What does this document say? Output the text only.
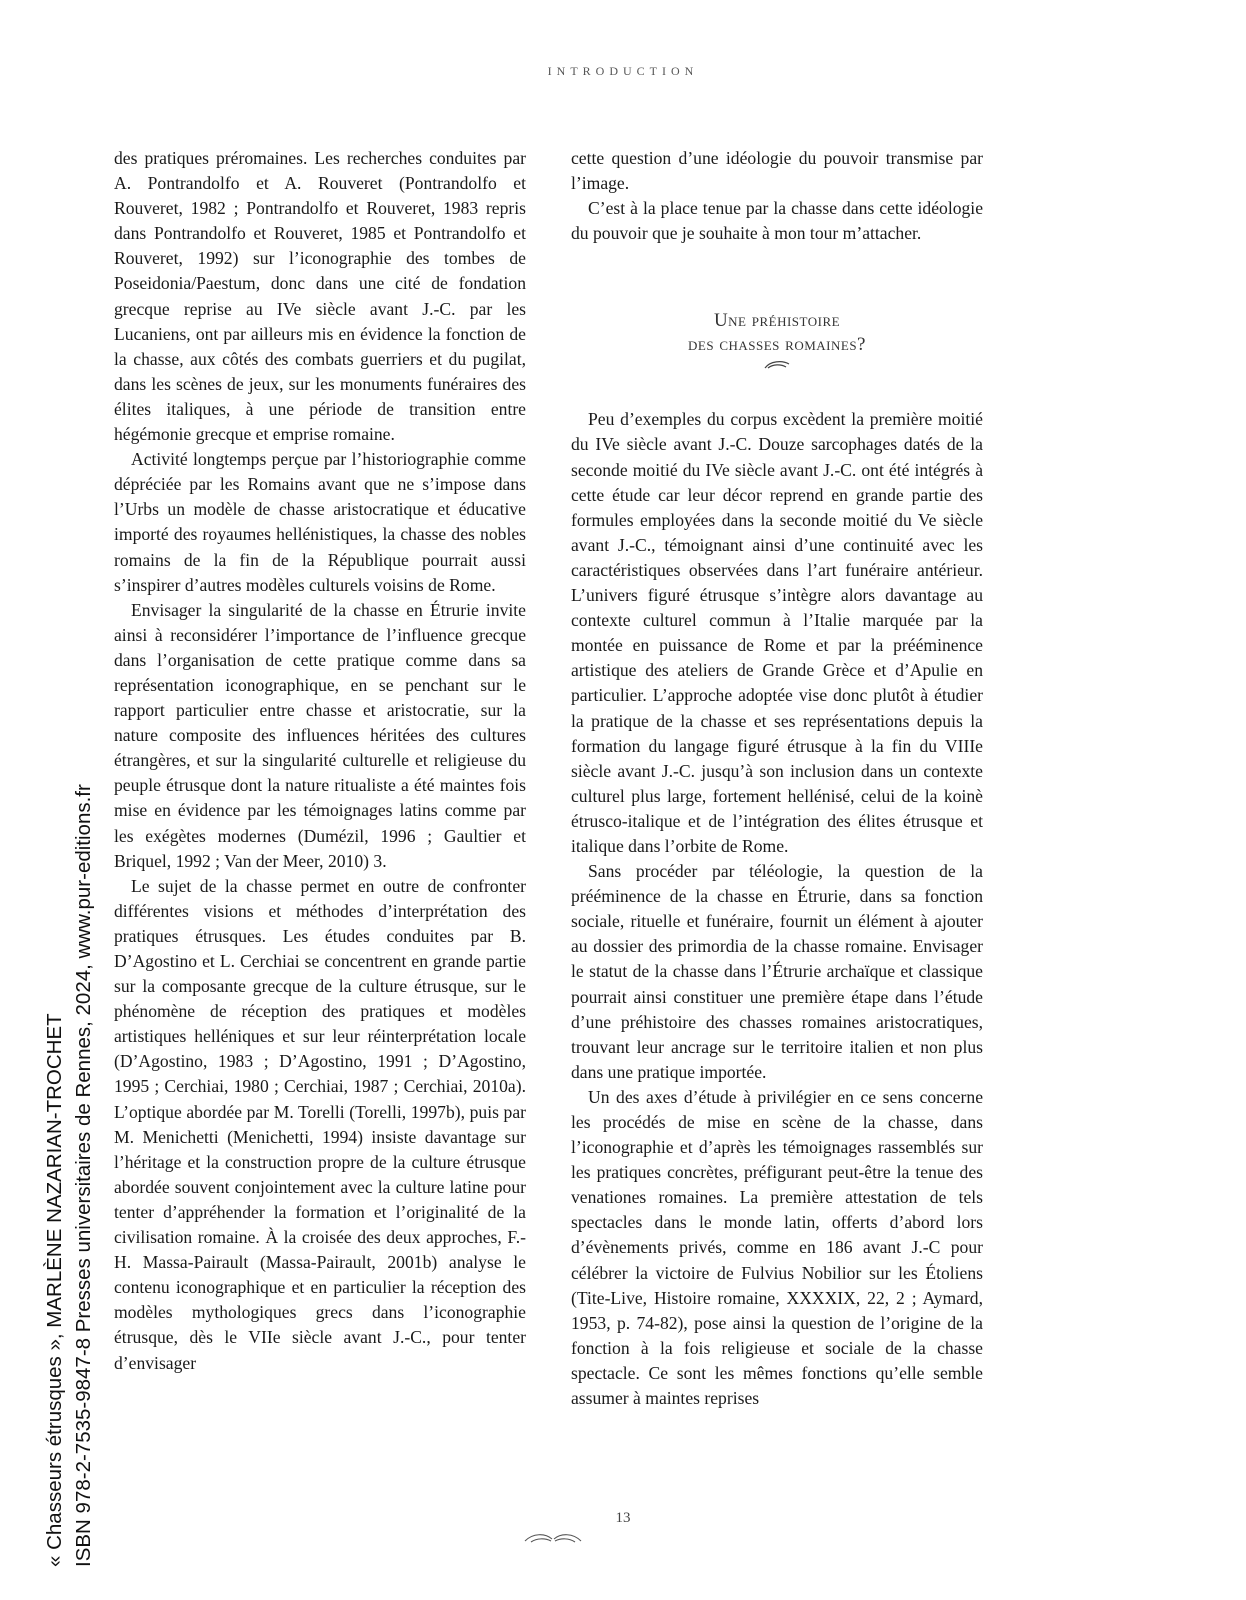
INTRODUCTION

des pratiques préromaines. Les recherches conduites par A. Pontrandolfo et A. Rouveret (Pontrandolfo et Rouveret, 1982 ; Pontrandolfo et Rouveret, 1983 repris dans Pontrandolfo et Rouveret, 1985 et Pontrandolfo et Rouveret, 1992) sur l’iconographie des tombes de Poseidonia/Paestum, donc dans une cité de fondation grecque reprise au IVe siècle avant J.-C. par les Lucaniens, ont par ailleurs mis en évidence la fonction de la chasse, aux côtés des combats guerriers et du pugilat, dans les scènes de jeux, sur les monuments funéraires des élites italiques, à une période de transition entre hégémonie grecque et emprise romaine.

Activité longtemps perçue par l’historiographie comme dépréciée par les Romains avant que ne s’impose dans l’Urbs un modèle de chasse aristocratique et éducative importé des royaumes hellénistiques, la chasse des nobles romains de la fin de la République pourrait aussi s’inspirer d’autres modèles culturels voisins de Rome.

Envisager la singularité de la chasse en Étrurie invite ainsi à reconsidérer l’importance de l’influence grecque dans l’organisation de cette pratique comme dans sa représentation iconographique, en se penchant sur le rapport particulier entre chasse et aristocratie, sur la nature composite des influences héritées des cultures étrangères, et sur la singularité culturelle et religieuse du peuple étrusque dont la nature ritualiste a été maintes fois mise en évidence par les témoignages latins comme par les exégètes modernes (Dumézil, 1996 ; Gaultier et Briquel, 1992 ; Van der Meer, 2010) 3.

Le sujet de la chasse permet en outre de confronter différentes visions et méthodes d’interprétation des pratiques étrusques. Les études conduites par B. D’Agostino et L. Cerchiai se concentrent en grande partie sur la composante grecque de la culture étrusque, sur le phénomène de réception des pratiques et modèles artistiques helléniques et sur leur réinterprétation locale (D’Agostino, 1983 ; D’Agostino, 1991 ; D’Agostino, 1995 ; Cerchiai, 1980 ; Cerchiai, 1987 ; Cerchiai, 2010a). L’optique abordée par M. Torelli (Torelli, 1997b), puis par M. Menichetti (Menichetti, 1994) insiste davantage sur l’héritage et la construction propre de la culture étrusque abordée souvent conjointement avec la culture latine pour tenter d’appréhender la formation et l’originalité de la civilisation romaine. À la croisée des deux approches, F.-H. Massa-Pairault (Massa-Pairault, 2001b) analyse le contenu iconographique et en particulier la réception des modèles mythologiques grecs dans l’iconographie étrusque, dès le VIIe siècle avant J.-C., pour tenter d’envisager

cette question d’une idéologie du pouvoir transmise par l’image.

C’est à la place tenue par la chasse dans cette idéologie du pouvoir que je souhaite à mon tour m’attacher.

Une préhistoire
des chasses romaines?

Peu d’exemples du corpus excèdent la première moitié du IVe siècle avant J.-C. Douze sarcophages datés de la seconde moitié du IVe siècle avant J.-C. ont été intégrés à cette étude car leur décor reprend en grande partie des formules employées dans la seconde moitié du Ve siècle avant J.-C., témoignant ainsi d’une continuité avec les caractéristiques observées dans l’art funéraire antérieur. L’univers figuré étrusque s’intègre alors davantage au contexte culturel commun à l’Italie marquée par la montée en puissance de Rome et par la prééminence artistique des ateliers de Grande Grèce et d’Apulie en particulier. L’approche adoptée vise donc plutôt à étudier la pratique de la chasse et ses représentations depuis la formation du langage figuré étrusque à la fin du VIIIe siècle avant J.-C. jusqu’à son inclusion dans un contexte culturel plus large, fortement hellénisé, celui de la koinè étrusco-italique et de l’intégration des élites étrusque et italique dans l’orbite de Rome.

Sans procéder par téléologie, la question de la prééminence de la chasse en Étrurie, dans sa fonction sociale, rituelle et funéraire, fournit un élément à ajouter au dossier des primordia de la chasse romaine. Envisager le statut de la chasse dans l’Étrurie archaïque et classique pourrait ainsi constituer une première étape dans l’étude d’une préhistoire des chasses romaines aristocratiques, trouvant leur ancrage sur le territoire italien et non plus dans une pratique importée.

Un des axes d’étude à privilégier en ce sens concerne les procédés de mise en scène de la chasse, dans l’iconographie et d’après les témoignages rassemblés sur les pratiques concrètes, préfigurant peut-être la tenue des venationes romaines. La première attestation de tels spectacles dans le monde latin, offerts d’abord lors d’évènements privés, comme en 186 avant J.-C pour célébrer la victoire de Fulvius Nobilior sur les Étoliens (Tite-Live, Histoire romaine, XXXXIX, 22, 2 ; Aymard, 1953, p. 74-82), pose ainsi la question de l’origine de la fonction à la fois religieuse et sociale de la chasse spectacle. Ce sont les mêmes fonctions qu’elle semble assumer à maintes reprises

13
« Chasseurs étrusques », MARLÈNE NAZARIAN-TROCHET ISBN 978-2-7535-9847-8 Presses universitaires de Rennes, 2024, www.pur-editions.fr
